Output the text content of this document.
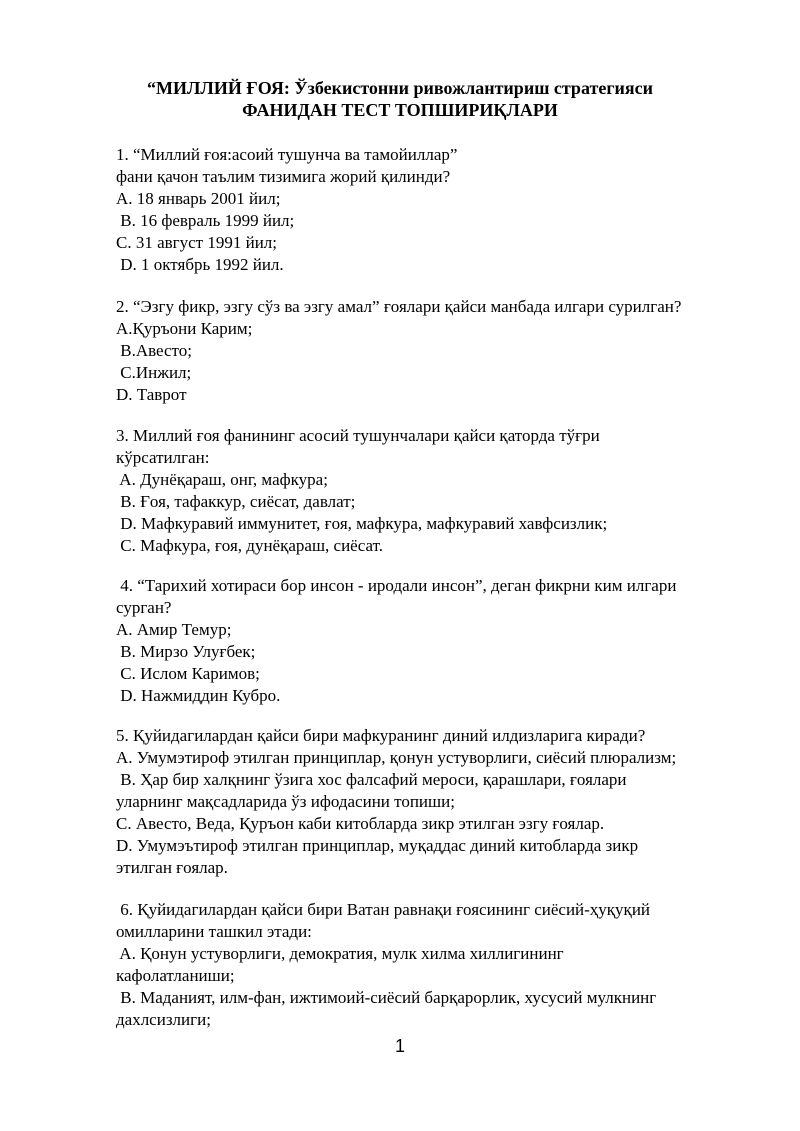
“МИЛЛИЙ ҒОЯ: Ўзбекистонни ривожлантириш стратегияси
ФАНИДАН ТЕСТ ТОПШИРИҚЛАРИ
1. “Миллий ғоя:асоий тушунча ва тамойиллар”
фани қачон таълим тизимига жорий қилинди?
A. 18 январь 2001 йил;
B. 16 февраль 1999 йил;
C. 31 август 1991 йил;
D. 1 октябрь 1992 йил.
2. “Эзгу фикр, эзгу сўз ва эзгу амал” ғоялари қайси манбада илгари сурилган?
A.Қуръони Карим;
B.Авесто;
C.Инжил;
D. Таврот
3. Миллий ғоя фанининг асосий тушунчалари қайси қаторда тўғри
кўрсатилган:
A. Дунёқараш, онг, мафкура;
B. Ғоя, тафаккур, сиёсат, давлат;
D. Мафкуравий иммунитет, ғоя, мафкура, мафкуравий хавфсизлик;
C. Мафкура, ғоя, дунёқараш, сиёсат.
4. “Тарихий хотираси бор инсон - иродали инсон”, деган фикрни ким илгари
сурган?
A. Амир Темур;
B. Мирзо Улуғбек;
C. Ислом Каримов;
D. Нажмиддин Кубро.
5. Қуйидагилардан қайси бири мафкуранинг диний илдизларига киради?
A. Умумэтироф этилган принциплар, қонун устуворлиги, сиёсий плюрализм;
B. Ҳар бир халқнинг ўзига хос фалсафий мероси, қарашлари, ғоялари
уларнинг мақсадларида ўз ифодасини топиши;
C. Авесто, Веда, Қуръон каби китобларда зикр этилган эзгу ғоялар.
D. Умумэътироф этилган принциплар, муқаддас диний китобларда зикр
этилган ғоялар.
6. Қуйидагилардан қайси бири Ватан равнақи ғоясининг сиёсий-ҳуқуқий
омилларини ташкил этади:
A. Қонун устуворлиги, демократия, мулк хилма хиллигининг
кафолатланиши;
B. Маданият, илм-фан, ижтимоий-сиёсий барқарорлик, хусусий мулкнинг
дахлсизлиги;
1
